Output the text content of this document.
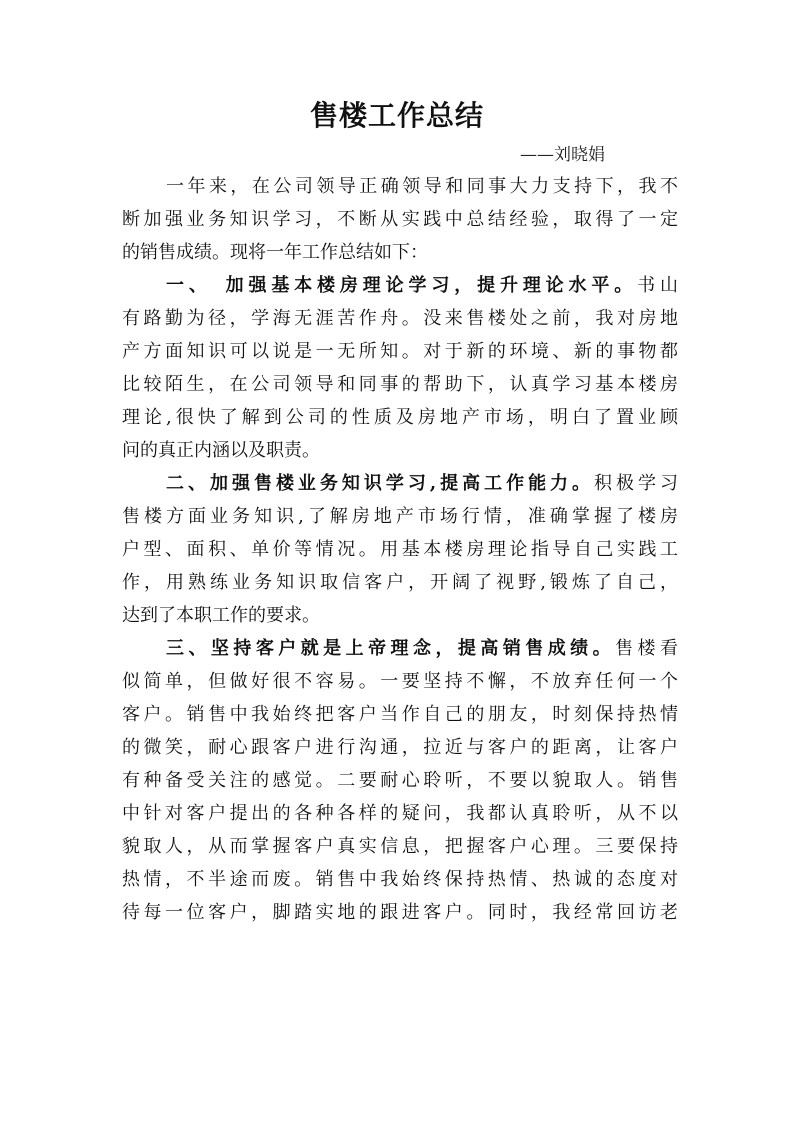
售楼工作总结
——刘晓娟
一年来，在公司领导正确领导和同事大力支持下，我不
断加强业务知识学习，不断从实践中总结经验，取得了一定
的销售成绩。现将一年工作总结如下：
一、　加强基本楼房理论学习，提升理论水平。书山
有路勤为径，学海无涯苦作舟。没来售楼处之前，我对房地
产方面知识可以说是一无所知。对于新的环境、新的事物都
比较陌生，在公司领导和同事的帮助下，认真学习基本楼房
理论,很快了解到公司的性质及房地产市场，明白了置业顾
问的真正内涵以及职责。
二、加强售楼业务知识学习,提高工作能力。积极学习
售楼方面业务知识,了解房地产市场行情，准确掌握了楼房
户型、面积、单价等情况。用基本楼房理论指导自己实践工
作，用熟练业务知识取信客户，开阔了视野,锻炼了自己，
达到了本职工作的要求。
三、坚持客户就是上帝理念，提高销售成绩。售楼看
似简单，但做好很不容易。一要坚持不懈，不放弃任何一个
客户。销售中我始终把客户当作自己的朋友，时刻保持热情
的微笑，耐心跟客户进行沟通，拉近与客户的距离，让客户
有种备受关注的感觉。二要耐心聆听，不要以貌取人。销售
中针对客户提出的各种各样的疑问，我都认真聆听，从不以
貌取人，从而掌握客户真实信息，把握客户心理。三要保持
热情，不半途而废。销售中我始终保持热情、热诚的态度对
待每一位客户，脚踏实地的跟进客户。同时，我经常回访老
